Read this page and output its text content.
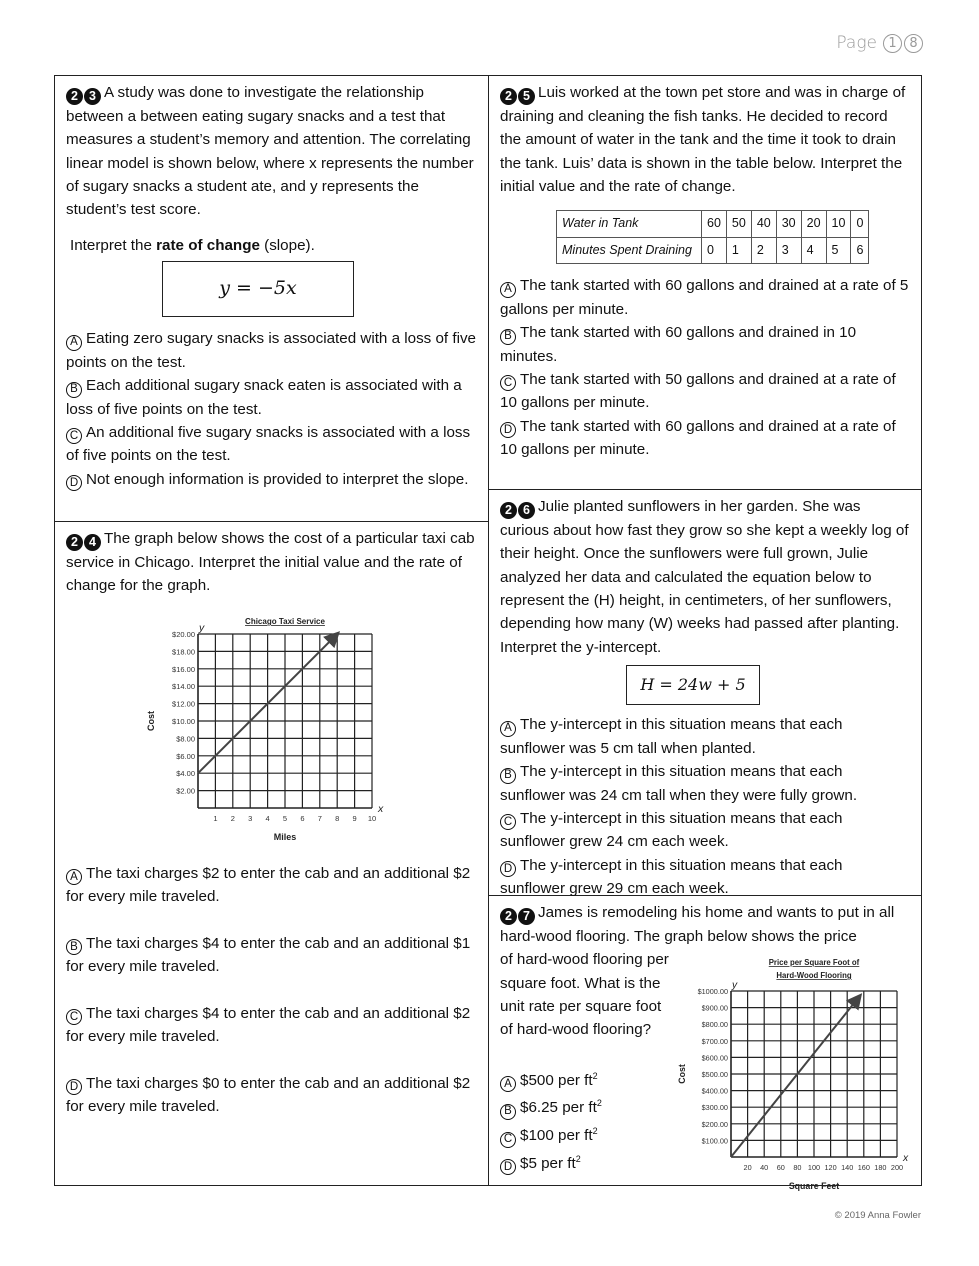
Page 1 8

2 3 A study was done to investigate the relationship between a between eating sugary snacks and a test that measures a student’s memory and attention. The correlating linear model is shown below, where x represents the number of sugary snacks a student ate, and y represents the student’s test score.

Interpret the rate of change (slope).

y = −5x

A Eating zero sugary snacks is associated with a loss of five points on the test.

B Each additional sugary snack eaten is associated with a loss of five points on the test.

C An additional five sugary snacks is associated with a loss of five points on the test.

D Not enough information is provided to interpret the slope.

2 4 The graph below shows the cost of a particular taxi cab service in Chicago. Interpret the initial value and the rate of change for the graph.

Chicago Taxi Service
1 2 3 4 5 6 7 8 9 10
$2.00
$4.00
$6.00
$8.00
$10.00
$12.00
$14.00
$16.00
$18.00
$20.00
x
y
Miles
Cost

A The taxi charges $2 to enter the cab and an additional $2 for every mile traveled.

B The taxi charges $4 to enter the cab and an additional $1 for every mile traveled.

C The taxi charges $4 to enter the cab and an additional $2 for every mile traveled.

D The taxi charges $0 to enter the cab and an additional $2 for every mile traveled.

2 5 Luis worked at the town pet store and was in charge of draining and cleaning the fish tanks. He decided to record the amount of water in the tank and the time it took to drain the tank. Luis’ data is shown in the table below. Interpret the initial value and the rate of change.

Water in Tank	60	50	40	30	20	10	0
Minutes Spent Draining	0	1	2	3	4	5	6

A The tank started with 60 gallons and drained at a rate of 5 gallons per minute.

B The tank started with 60 gallons and drained in 10 minutes.

C The tank started with 50 gallons and drained at a rate of 10 gallons per minute.

D The tank started with 60 gallons and drained at a rate of 10 gallons per minute.

2 6 Julie planted sunflowers in her garden. She was curious about how fast they grow so she kept a weekly log of their height. Once the sunflowers were full grown, Julie analyzed her data and calculated the equation below to represent the (H) height, in centimeters, of her sunflowers, depending how many (W) weeks had passed after planting. Interpret the y-intercept.

H = 24w + 5

A The y-intercept in this situation means that each sunflower was 5 cm tall when planted.

B The y-intercept in this situation means that each sunflower was 24 cm tall when they were fully grown.

C The y-intercept in this situation means that each sunflower grew 24 cm each week.

D The y-intercept in this situation means that each sunflower grew 29 cm each week.

2 7 James is remodeling his home and wants to put in all hard-wood flooring. The graph below shows the price

of hard-wood flooring per

square foot. What is the

unit rate per square foot

of hard-wood flooring?

A $500 per $ft^2$

B $6.25 per $ft^2$

C $100 per $ft^2$

D $5 per $ft^2$

Price per Square Foot of
Hard-Wood Flooring
20 40 60 80 100 120 140 160 180 200
$100.00
$200.00
$300.00
$400.00
$500.00
$600.00
$700.00
$800.00
$900.00
$1000.00
x
y
Square Feet
Cost
© 2019 Anna Fowler
